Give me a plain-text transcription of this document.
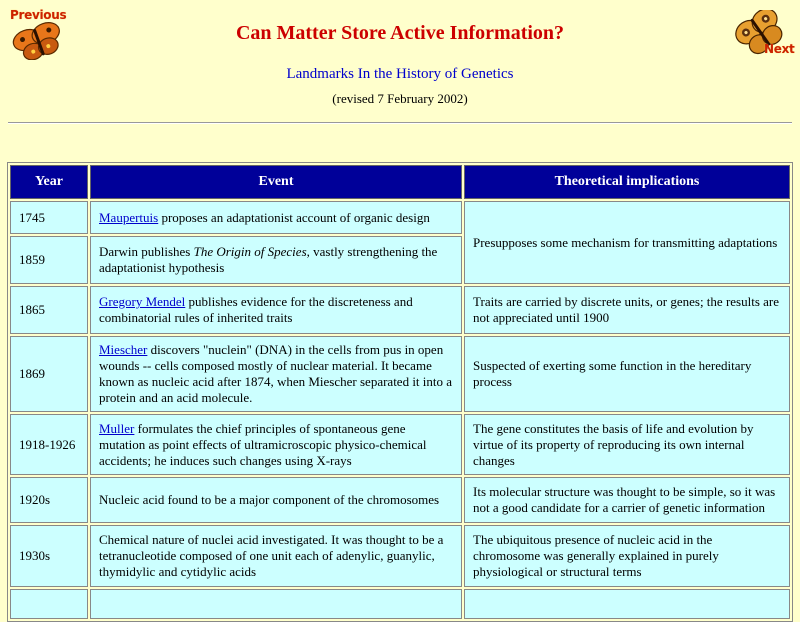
Previous
Next
Can Matter Store Active Information?
Landmarks In the History of Genetics
(revised 7 February 2002)
Year	Event	Theoretical implications
1745	Maupertuis proposes an adaptationist account of organic design	Presupposes some mechanism for transmitting adaptations
1859	Darwin publishes The Origin of Species, vastly strengthening the adaptationist hypothesis	
1865	Gregory Mendel publishes evidence for the discreteness and combinatorial rules of inherited traits	Traits are carried by discrete units, or genes; the results are not appreciated until 1900
1869	Miescher discovers "nuclein" (DNA) in the cells from pus in open wounds -- cells composed mostly of nuclear material. It became known as nucleic acid after 1874, when Miescher separated it into a protein and an acid molecule.	Suspected of exerting some function in the hereditary process
1918-1926	Muller formulates the chief principles of spontaneous gene mutation as point effects of ultramicroscopic physico-chemical accidents; he induces such changes using X-rays	The gene constitutes the basis of life and evolution by virtue of its property of reproducing its own internal changes
1920s	Nucleic acid found to be a major component of the chromosomes	Its molecular structure was thought to be simple, so it was not a good candidate for a carrier of genetic information
1930s	Chemical nature of nuclei acid investigated. It was thought to be a tetranucleotide composed of one unit each of adenylic, guanylic, thymidylic and cytidylic acids	The ubiquitous presence of nucleic acid in the chromosome was generally explained in purely physiological or structural terms
